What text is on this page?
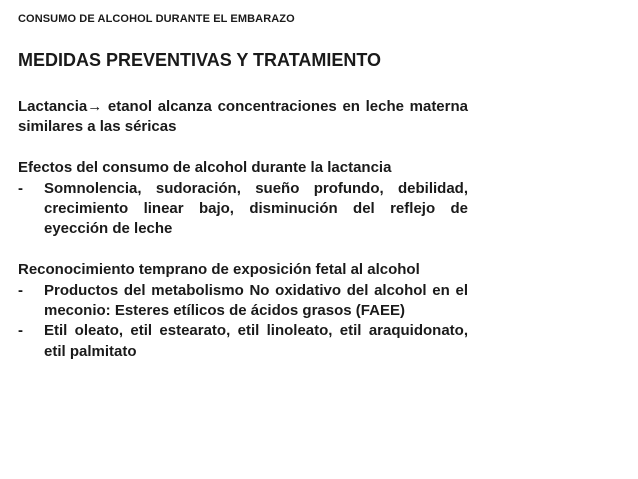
CONSUMO DE ALCOHOL DURANTE EL EMBARAZO
MEDIDAS PREVENTIVAS Y TRATAMIENTO

Lactancia→ etanol alcanza concentraciones en leche materna similares a las séricas

Efectos del consumo de alcohol durante la lactancia

- Somnolencia, sudoración, sueño profundo, debilidad, crecimiento linear bajo, disminución del reflejo de eyección de leche

Reconocimiento temprano de exposición fetal al alcohol

- Productos del metabolismo No oxidativo del alcohol en el meconio: Esteres etílicos de ácidos grasos (FAEE)
- Etil oleato, etil estearato, etil linoleato, etil araquidonato, etil palmitato
